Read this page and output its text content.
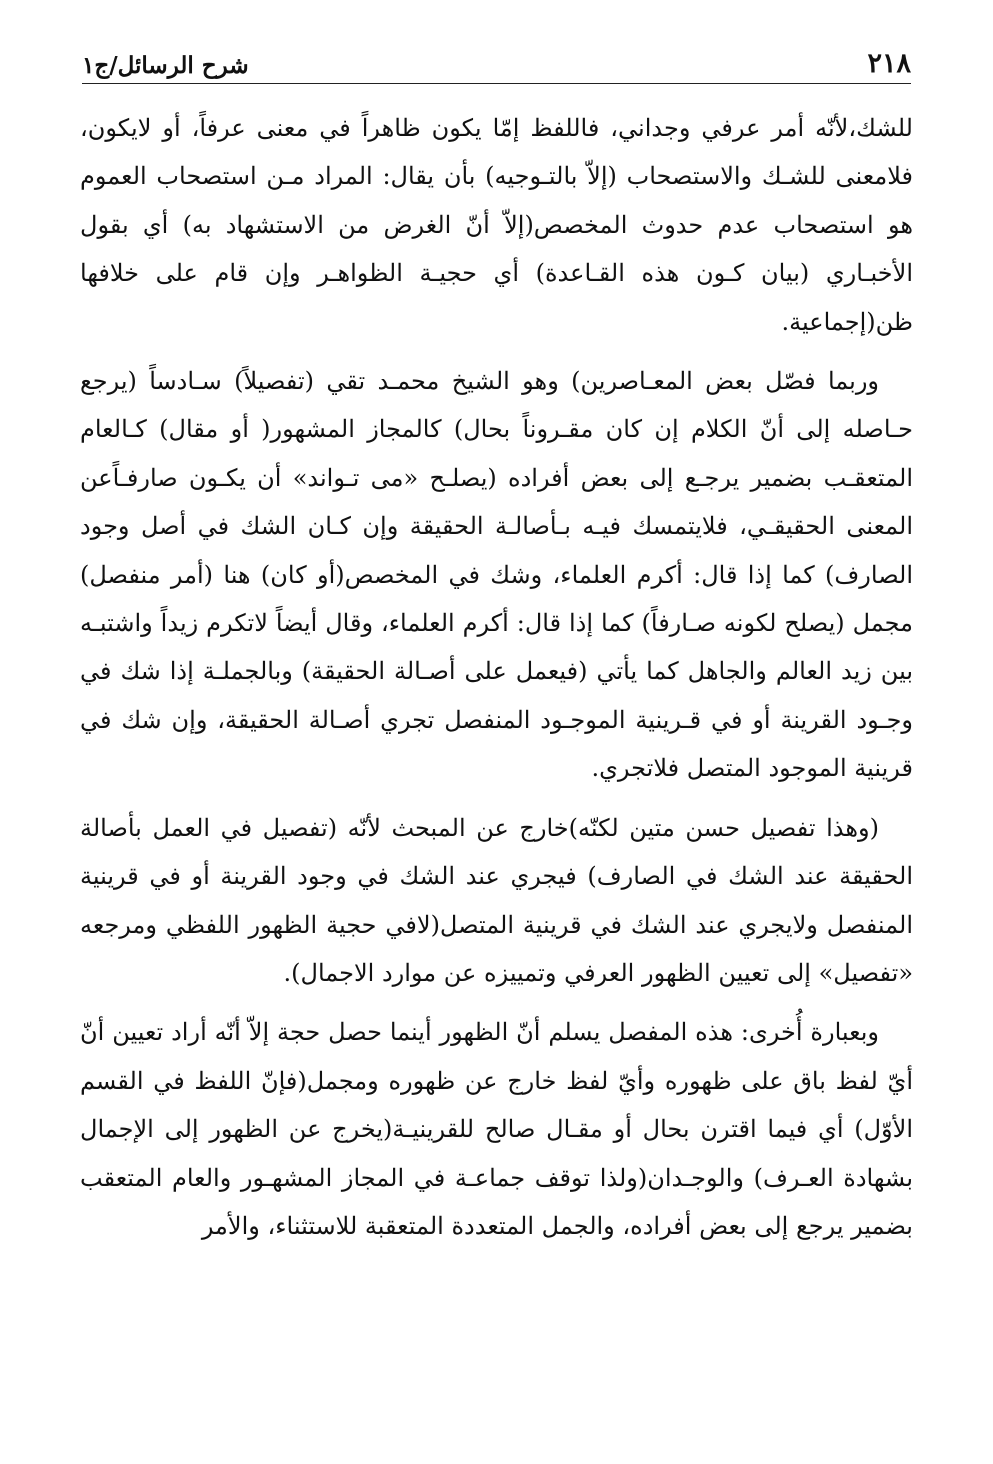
٢١٨
شرح الرسائل/ج١

للشك،لأنّه أمر عرفي وجداني، فاللفظ إمّا يكون ظاهراً في معنى عرفاً، أو لايكون، فلامعنى للشـك والاستصحاب (إلاّ بالتـوجيه) بأن يقال: المراد مـن استصحاب العموم هو استصحاب عدم حدوث المخصص(إلاّ أنّ الغرض من الاستشهاد به) أي بقول الأخبـاري (بيان كـون هذه القـاعدة) أي حجيـة الظواهـر وإن قام على خلافها ظن(إجماعية.

وربما فصّل بعض المعـاصرين) وهو الشيخ محمـد تقي (تفصيلاً) سـادساً (يرجع حـاصله إلى أنّ الكلام إن كان مقـروناً بحال) كالمجاز المشهور( أو مقال) كـالعام المتعقـب بضمير يرجـع إلى بعض أفراده (يصلـح «مى تـواند» أن يكـون صارفـاًعن المعنى الحقيقـي، فلايتمسك فيـه بـأصالـة الحقيقة وإن كـان الشك في أصل وجود الصارف) كما إذا قال: أكرم العلماء، وشك في المخصص(أو كان) هنا (أمر منفصل) مجمل (يصلح لكونه صـارفاً) كما إذا قال: أكرم العلماء، وقال أيضاً لاتكرم زيداً واشتبـه بين زيد العالم والجاهل كما يأتي (فيعمل على أصـالة الحقيقة) وبالجملـة إذا شك في وجـود القرينة أو في قـرينية الموجـود المنفصل تجري أصـالة الحقيقة، وإن شك في قرينية الموجود المتصل فلاتجري.

(وهذا تفصيل حسن متين لكنّه)خارج عن المبحث لأنّه (تفصيل في العمل بأصالة الحقيقة عند الشك في الصارف) فيجري عند الشك في وجود القرينة أو في قرينية المنفصل ولايجري عند الشك في قرينية المتصل(لافي حجية الظهور اللفظي ومرجعه «تفصيل» إلى تعيين الظهور العرفي وتمييزه عن موارد الاجمال).

وبعبارة أُخرى: هذه المفصل يسلم أنّ الظهور أينما حصل حجة إلاّ أنّه أراد تعيين أنّ أيّ لفظ باق على ظهوره وأيّ لفظ خارج عن ظهوره ومجمل(فإنّ اللفظ في القسم الأوّل) أي فيما اقترن بحال أو مقـال صالح للقرينيـة(يخرج عن الظهور إلى الإجمال بشهادة العـرف) والوجـدان(ولذا توقف جماعـة في المجاز المشهـور والعام المتعقب بضمير يرجع إلى بعض أفراده، والجمل المتعددة المتعقبة للاستثناء، والأمر
